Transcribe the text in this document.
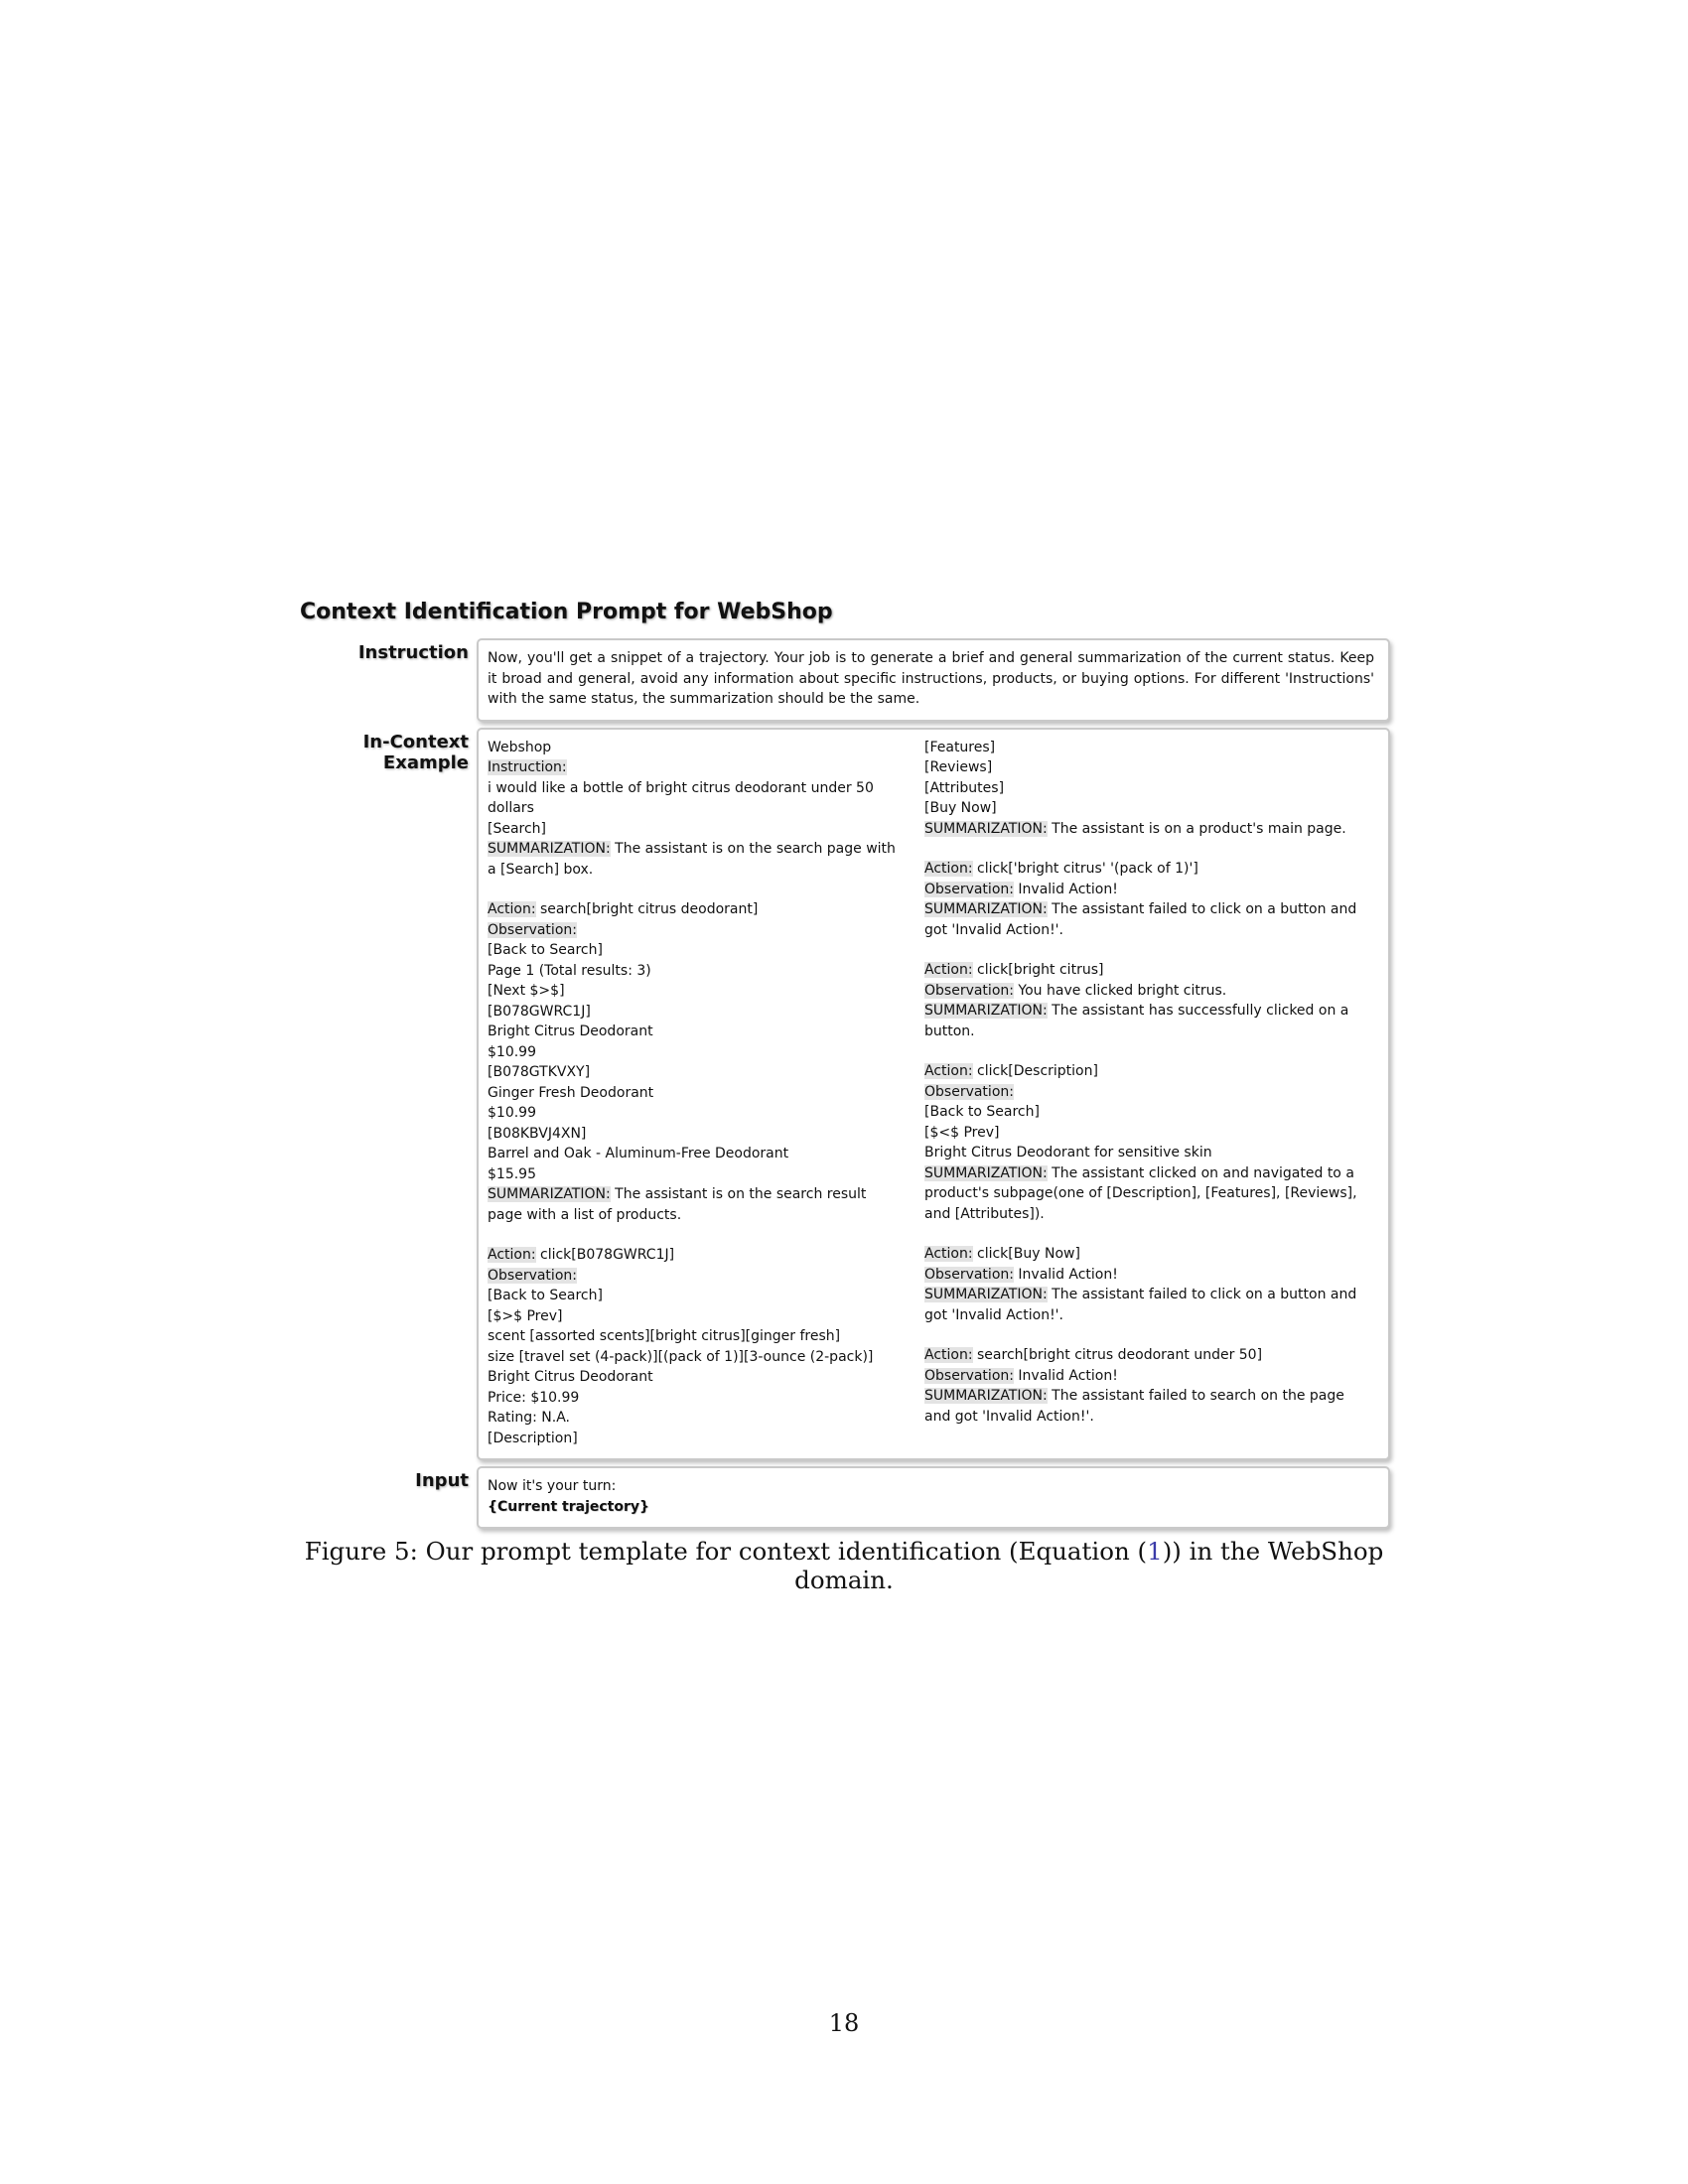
Context Identification Prompt for WebShop
Instruction	Now, you'll get a snippet of a trajectory. Your job is to generate a brief and general summarization of the current status. Keep it broad and general, avoid any information about specific instructions, products, or buying options. For different 'Instructions' with the same status, the summarization should be the same.
In-Context Example
Webshop
Instruction:
i would like a bottle of bright citrus deodorant under 50 dollars
[Search]
SUMMARIZATION: The assistant is on the search page with a [Search] box.
Action: search[bright citrus deodorant]
Observation:
[Back to Search]
Page 1 (Total results: 3)
[Next $>$]
[B078GWRC1J]
Bright Citrus Deodorant
$10.99
[B078GTKVXY]
Ginger Fresh Deodorant
$10.99
[B08KBVJ4XN]
Barrel and Oak - Aluminum-Free Deodorant
$15.95
SUMMARIZATION: The assistant is on the search result page with a list of products.
Action: click[B078GWRC1J]
Observation:
[Back to Search]
[$>$ Prev]
scent [assorted scents][bright citrus][ginger fresh]
size [travel set (4-pack)][(pack of 1)][3-ounce (2-pack)]
Bright Citrus Deodorant
Price: $10.99
Rating: N.A.
[Description]
[Features]
[Reviews]
[Attributes]
[Buy Now]
SUMMARIZATION: The assistant is on a product's main page.
Action: click['bright citrus' '(pack of 1)']
Observation: Invalid Action!
SUMMARIZATION: The assistant failed to click on a button and got 'Invalid Action!'.
Action: click[bright citrus]
Observation: You have clicked bright citrus.
SUMMARIZATION: The assistant has successfully clicked on a button.
Action: click[Description]
Observation:
[Back to Search]
[$<$ Prev]
Bright Citrus Deodorant for sensitive skin
SUMMARIZATION: The assistant clicked on and navigated to a product's subpage(one of [Description], [Features], [Reviews], and [Attributes]).
Action: click[Buy Now]
Observation: Invalid Action!
SUMMARIZATION: The assistant failed to click on a button and got 'Invalid Action!'.
Action: search[bright citrus deodorant under 50]
Observation: Invalid Action!
SUMMARIZATION: The assistant failed to search on the page and got 'Invalid Action!'.
Input	Now it's your turn:
{Current trajectory}
Figure 5: Our prompt template for context identification (Equation (1)) in the WebShop domain.
18
